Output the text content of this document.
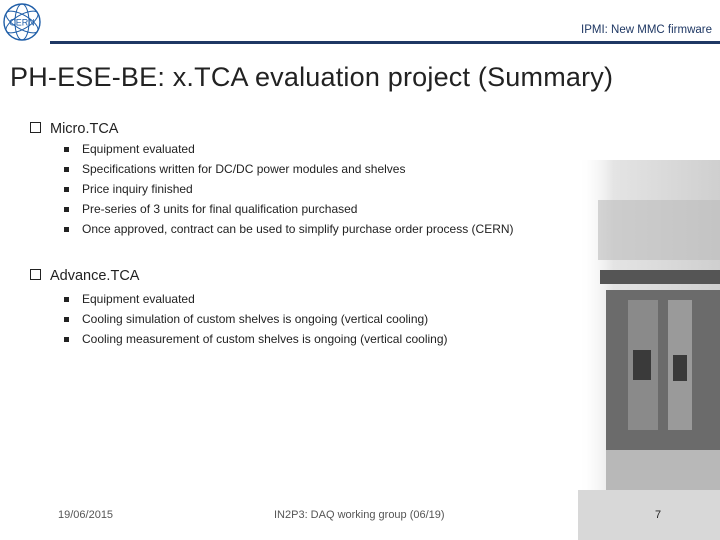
CERN
IPMI: New MMC firmware
PH-ESE-BE: x.TCA evaluation project (Summary)
Micro.TCA
Equipment evaluated
Specifications written for DC/DC power modules and shelves
Price inquiry finished
Pre-series of 3 units for final qualification purchased
Once approved, contract can be used to simplify purchase order process (CERN)
Advance.TCA
Equipment evaluated
Cooling simulation of custom shelves is ongoing (vertical cooling)
Cooling measurement of custom shelves is ongoing (vertical cooling)
19/06/2015	IN2P3: DAQ working group (06/19)	7
